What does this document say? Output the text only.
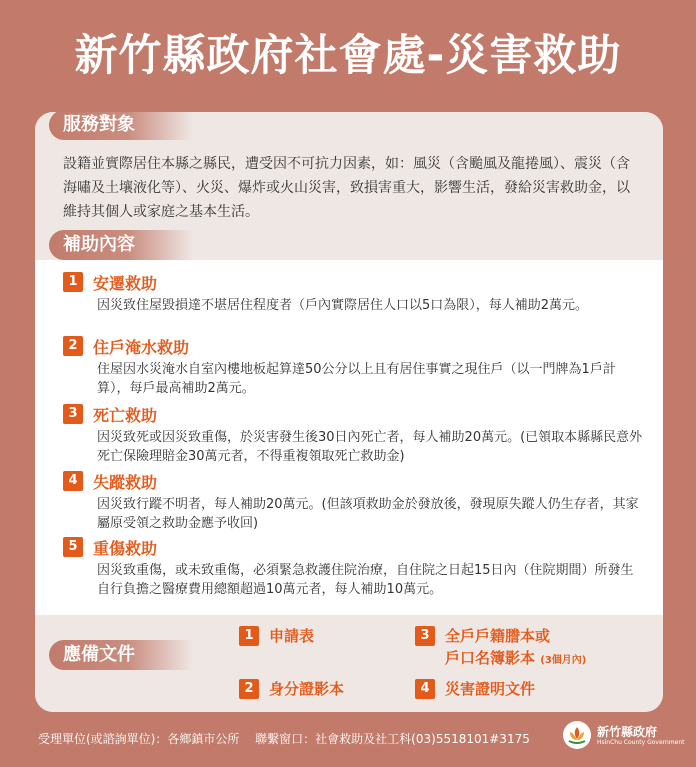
新竹縣政府社會處-災害救助
服務對象
設籍並實際居住本縣之縣民，遭受因不可抗力因素，如：風災（含颱風及龍捲風）、震災（含海嘯及土壤液化等）、火災、爆炸或火山災害，致損害重大，影響生活，發給災害救助金，以維持其個人或家庭之基本生活。
補助內容
1 安遷救助
因災致住屋毀損達不堪居住程度者（戶內實際居住人口以5口為限），每人補助2萬元。
2 住戶淹水救助
住屋因水災淹水自室內樓地板起算達50公分以上且有居住事實之現住戶（以一門牌為1戶計算），每戶最高補助2萬元。
3 死亡救助
因災致死或因災致重傷，於災害發生後30日內死亡者，每人補助20萬元。(已領取本縣縣民意外死亡保險理賠金30萬元者，不得重複領取死亡救助金)
4 失蹤救助
因災致行蹤不明者，每人補助20萬元。(但該項救助金於發放後，發現原失蹤人仍生存者，其家屬原受領之救助金應予收回)
5 重傷救助
因災致重傷，或未致重傷，必須緊急救護住院治療，自住院之日起15日內（住院期間）所發生自行負擔之醫療費用總額超過10萬元者，每人補助10萬元。
應備文件
1	申請表
2	身分證影本
3	全戶戶籍謄本或
戶口名簿影本 (3個月內)
4	災害證明文件
受理單位(或諮詢單位)：各鄉鎮市公所　 聯繫窗口：社會救助及社工科(03)5518101#3175
新竹縣政府
HsinChu County Government
